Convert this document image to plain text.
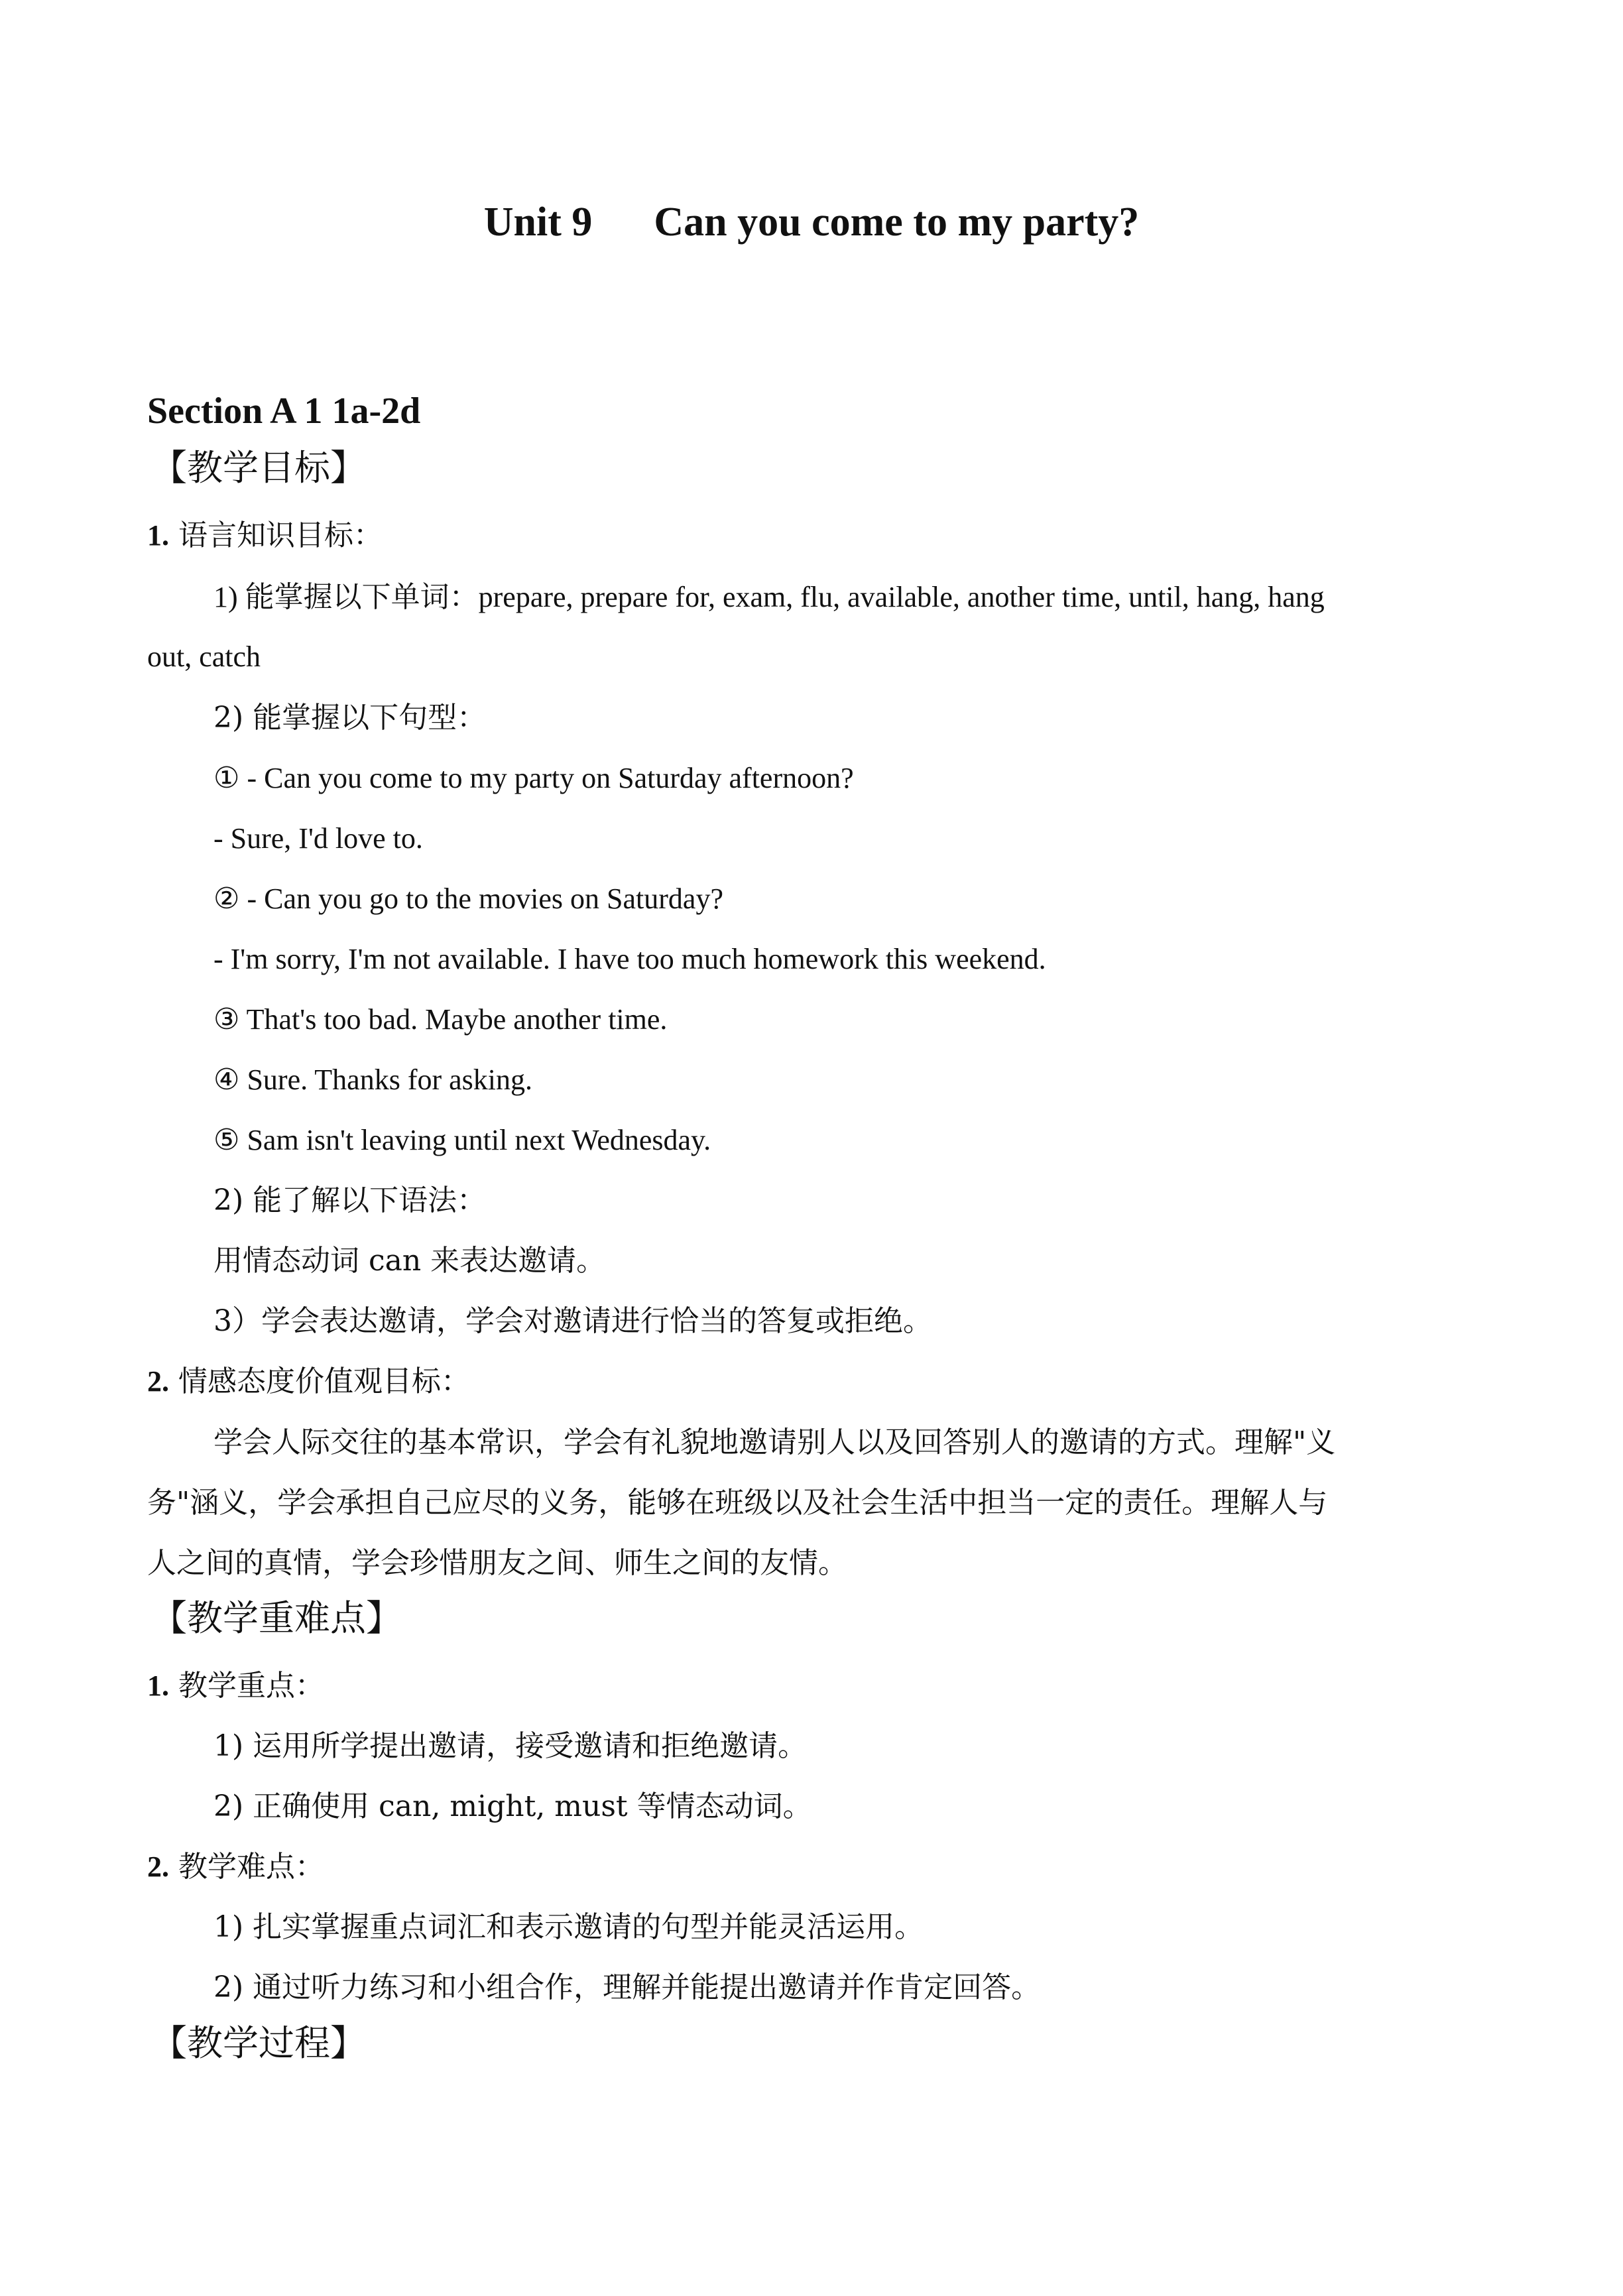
Unit 9      Can you come to my party?
Section A 1 1a-2d
【教学目标】
1. 语言知识目标：
1) 能掌握以下单词：prepare, prepare for, exam, flu, available, another time, until, hang, hang
out, catch
2) 能掌握以下句型：
① - Can you come to my party on Saturday afternoon?
- Sure, I'd love to.
② - Can you go to the movies on Saturday?
- I'm sorry, I'm not available. I have too much homework this weekend.
③ That's too bad. Maybe another time.
④ Sure. Thanks for asking.
⑤ Sam isn't leaving until next Wednesday.
2) 能了解以下语法：
用情态动词 can 来表达邀请。
3）学会表达邀请，学会对邀请进行恰当的答复或拒绝。
2. 情感态度价值观目标：
学会人际交往的基本常识，学会有礼貌地邀请别人以及回答别人的邀请的方式。理解"义
务"涵义，学会承担自己应尽的义务，能够在班级以及社会生活中担当一定的责任。理解人与
人之间的真情，学会珍惜朋友之间、师生之间的友情。
【教学重难点】
1. 教学重点：
1) 运用所学提出邀请，接受邀请和拒绝邀请。
2) 正确使用 can, might, must 等情态动词。
2. 教学难点：
1) 扎实掌握重点词汇和表示邀请的句型并能灵活运用。
2) 通过听力练习和小组合作，理解并能提出邀请并作肯定回答。
【教学过程】
